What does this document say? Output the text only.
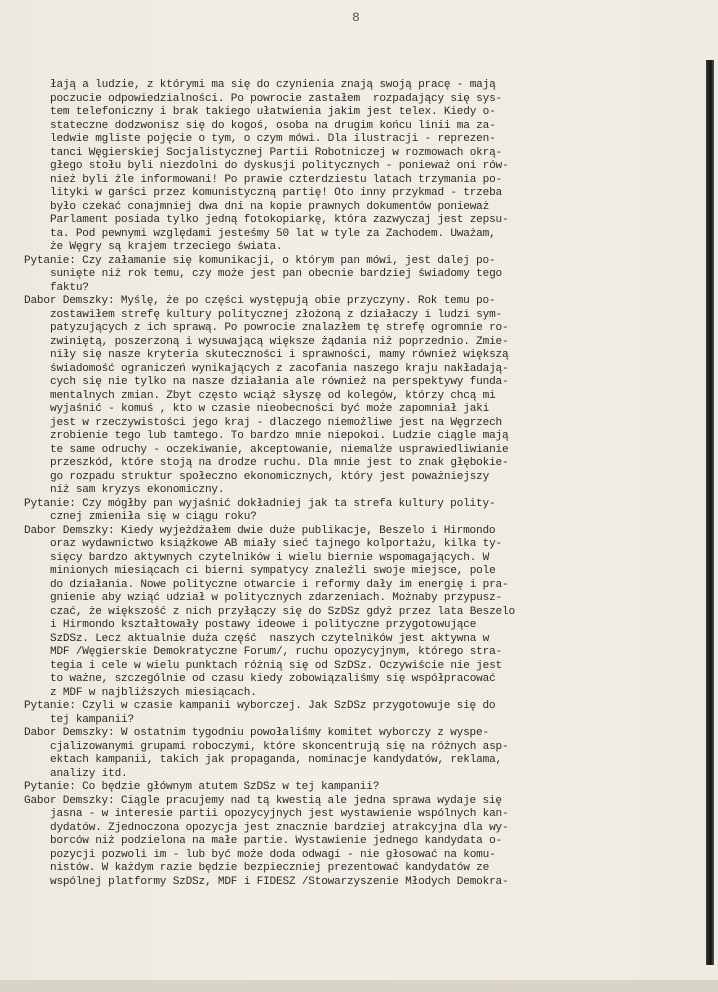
8
łają a ludzie, z którymi ma się do czynienia znają swoją pracę - mają
poczucie odpowiedzialności. Po powrocie zastałem  rozpadający się sys-
tem telefoniczny i brak takiego ułatwienia jakim jest telex. Kiedy o-
stateczne dodzwonisz się do kogoś, osoba na drugim końcu linii ma za-
ledwie mgliste pojęcie o tym, o czym mówi. Dla ilustracji - reprezen-
tanci Węgierskiej Socjalistycznej Partii Robotniczej w rozmowach okrą-
głego stołu byli niezdolni do dyskusji politycznych - ponieważ oni rów-
nież byli źle informowani! Po prawie czterdziestu latach trzymania po-
lityki w garści przez komunistyczną partię! Oto inny przykmad - trzeba
było czekać conajmniej dwa dni na kopie prawnych dokumentów ponieważ
Parlament posiada tylko jedną fotokopiarkę, która zazwyczaj jest zepsu-
ta. Pod pewnymi względami jesteśmy 50 lat w tyle za Zachodem. Uważam,
że Węgry są krajem trzeciego świata.
Pytanie: Czy załamanie się komunikacji, o którym pan mówi, jest dalej po-
sunięte niż rok temu, czy może jest pan obecnie bardziej świadomy tego
faktu?
Dabor Demszky: Myślę, że po części występują obie przyczyny. Rok temu po-
zostawiłem strefę kultury politycznej złożoną z działaczy i ludzi sym-
patyzujących z ich sprawą. Po powrocie znalazłem tę strefę ogromnie ro-
zwiniętą, poszerzoną i wysuwającą większe żądania niż poprzednio. Zmie-
niły się nasze kryteria skuteczności i sprawności, mamy również większą
świadomość ograniczeń wynikających z zacofania naszego kraju nakładają-
cych się nie tylko na nasze działania ale również na perspektywy funda-
mentalnych zmian. Zbyt często wciąż słyszę od kolegów, którzy chcą mi
wyjaśnić - komuś , kto w czasie nieobecności być może zapomniał jaki
jest w rzeczywistości jego kraj - dlaczego niemożliwe jest na Węgrzech
zrobienie tego lub tamtego. To bardzo mnie niepokoi. Ludzie ciągle mają
te same odruchy - oczekiwanie, akceptowanie, niemalże usprawiedliwianie
przeszkód, które stoją na drodze ruchu. Dla mnie jest to znak głębokie-
go rozpadu struktur społeczno ekonomicznych, który jest poważniejszy
niż sam kryzys ekonomiczny.
Pytanie: Czy mógłby pan wyjaśnić dokładniej jak ta strefa kultury polity-
cznej zmieniła się w ciągu roku?
Dabor Demszky: Kiedy wyjeżdżałem dwie duże publikacje, Beszelo i Hirmondo
oraz wydawnictwo książkowe AB miały sieć tajnego kolportażu, kilka ty-
sięcy bardzo aktywnych czytelników i wielu biernie wspomagających. W
minionych miesiącach ci bierni sympatycy znaleźli swoje miejsce, pole
do działania. Nowe polityczne otwarcie i reformy dały im energię i pra-
gnienie aby wziąć udział w politycznych zdarzeniach. Możnaby przypusz-
czać, że większość z nich przyłączy się do SzDSz gdyż przez lata Beszelo
i Hirmondo kształtowały postawy ideowe i polityczne przygotowujące
SzDSz. Lecz aktualnie duża część  naszych czytelników jest aktywna w
MDF /Węgierskie Demokratyczne Forum/, ruchu opozycyjnym, którego stra-
tegia i cele w wielu punktach różnią się od SzDSz. Oczywiście nie jest
to ważne, szczególnie od czasu kiedy zobowiązaliśmy się współpracować
z MDF w najbliższych miesiącach.
Pytanie: Czyli w czasie kampanii wyborczej. Jak SzDSz przygotowuje się do
tej kampanii?
Dabor Demszky: W ostatnim tygodniu powołaliśmy komitet wyborczy z wyspe-
cjalizowanymi grupami roboczymi, które skoncentrują się na różnych asp-
ektach kampanii, takich jak propaganda, nominacje kandydatów, reklama,
analizy itd.
Pytanie: Co będzie głównym atutem SzDSz w tej kampanii?
Gabor Demszky: Ciągle pracujemy nad tą kwestią ale jedna sprawa wydaje się
jasna - w interesie partii opozycyjnych jest wystawienie wspólnych kan-
dydatów. Zjednoczona opozycja jest znacznie bardziej atrakcyjna dla wy-
borców niż podzielona na małe partie. Wystawienie jednego kandydata o-
pozycji pozwoli im - lub być może doda odwagi - nie głosować na komu-
nistów. W każdym razie będzie bezpieczniej prezentować kandydatów ze
wspólnej platformy SzDSz, MDF i FIDESZ /Stowarzyszenie Młodych Demokra-
